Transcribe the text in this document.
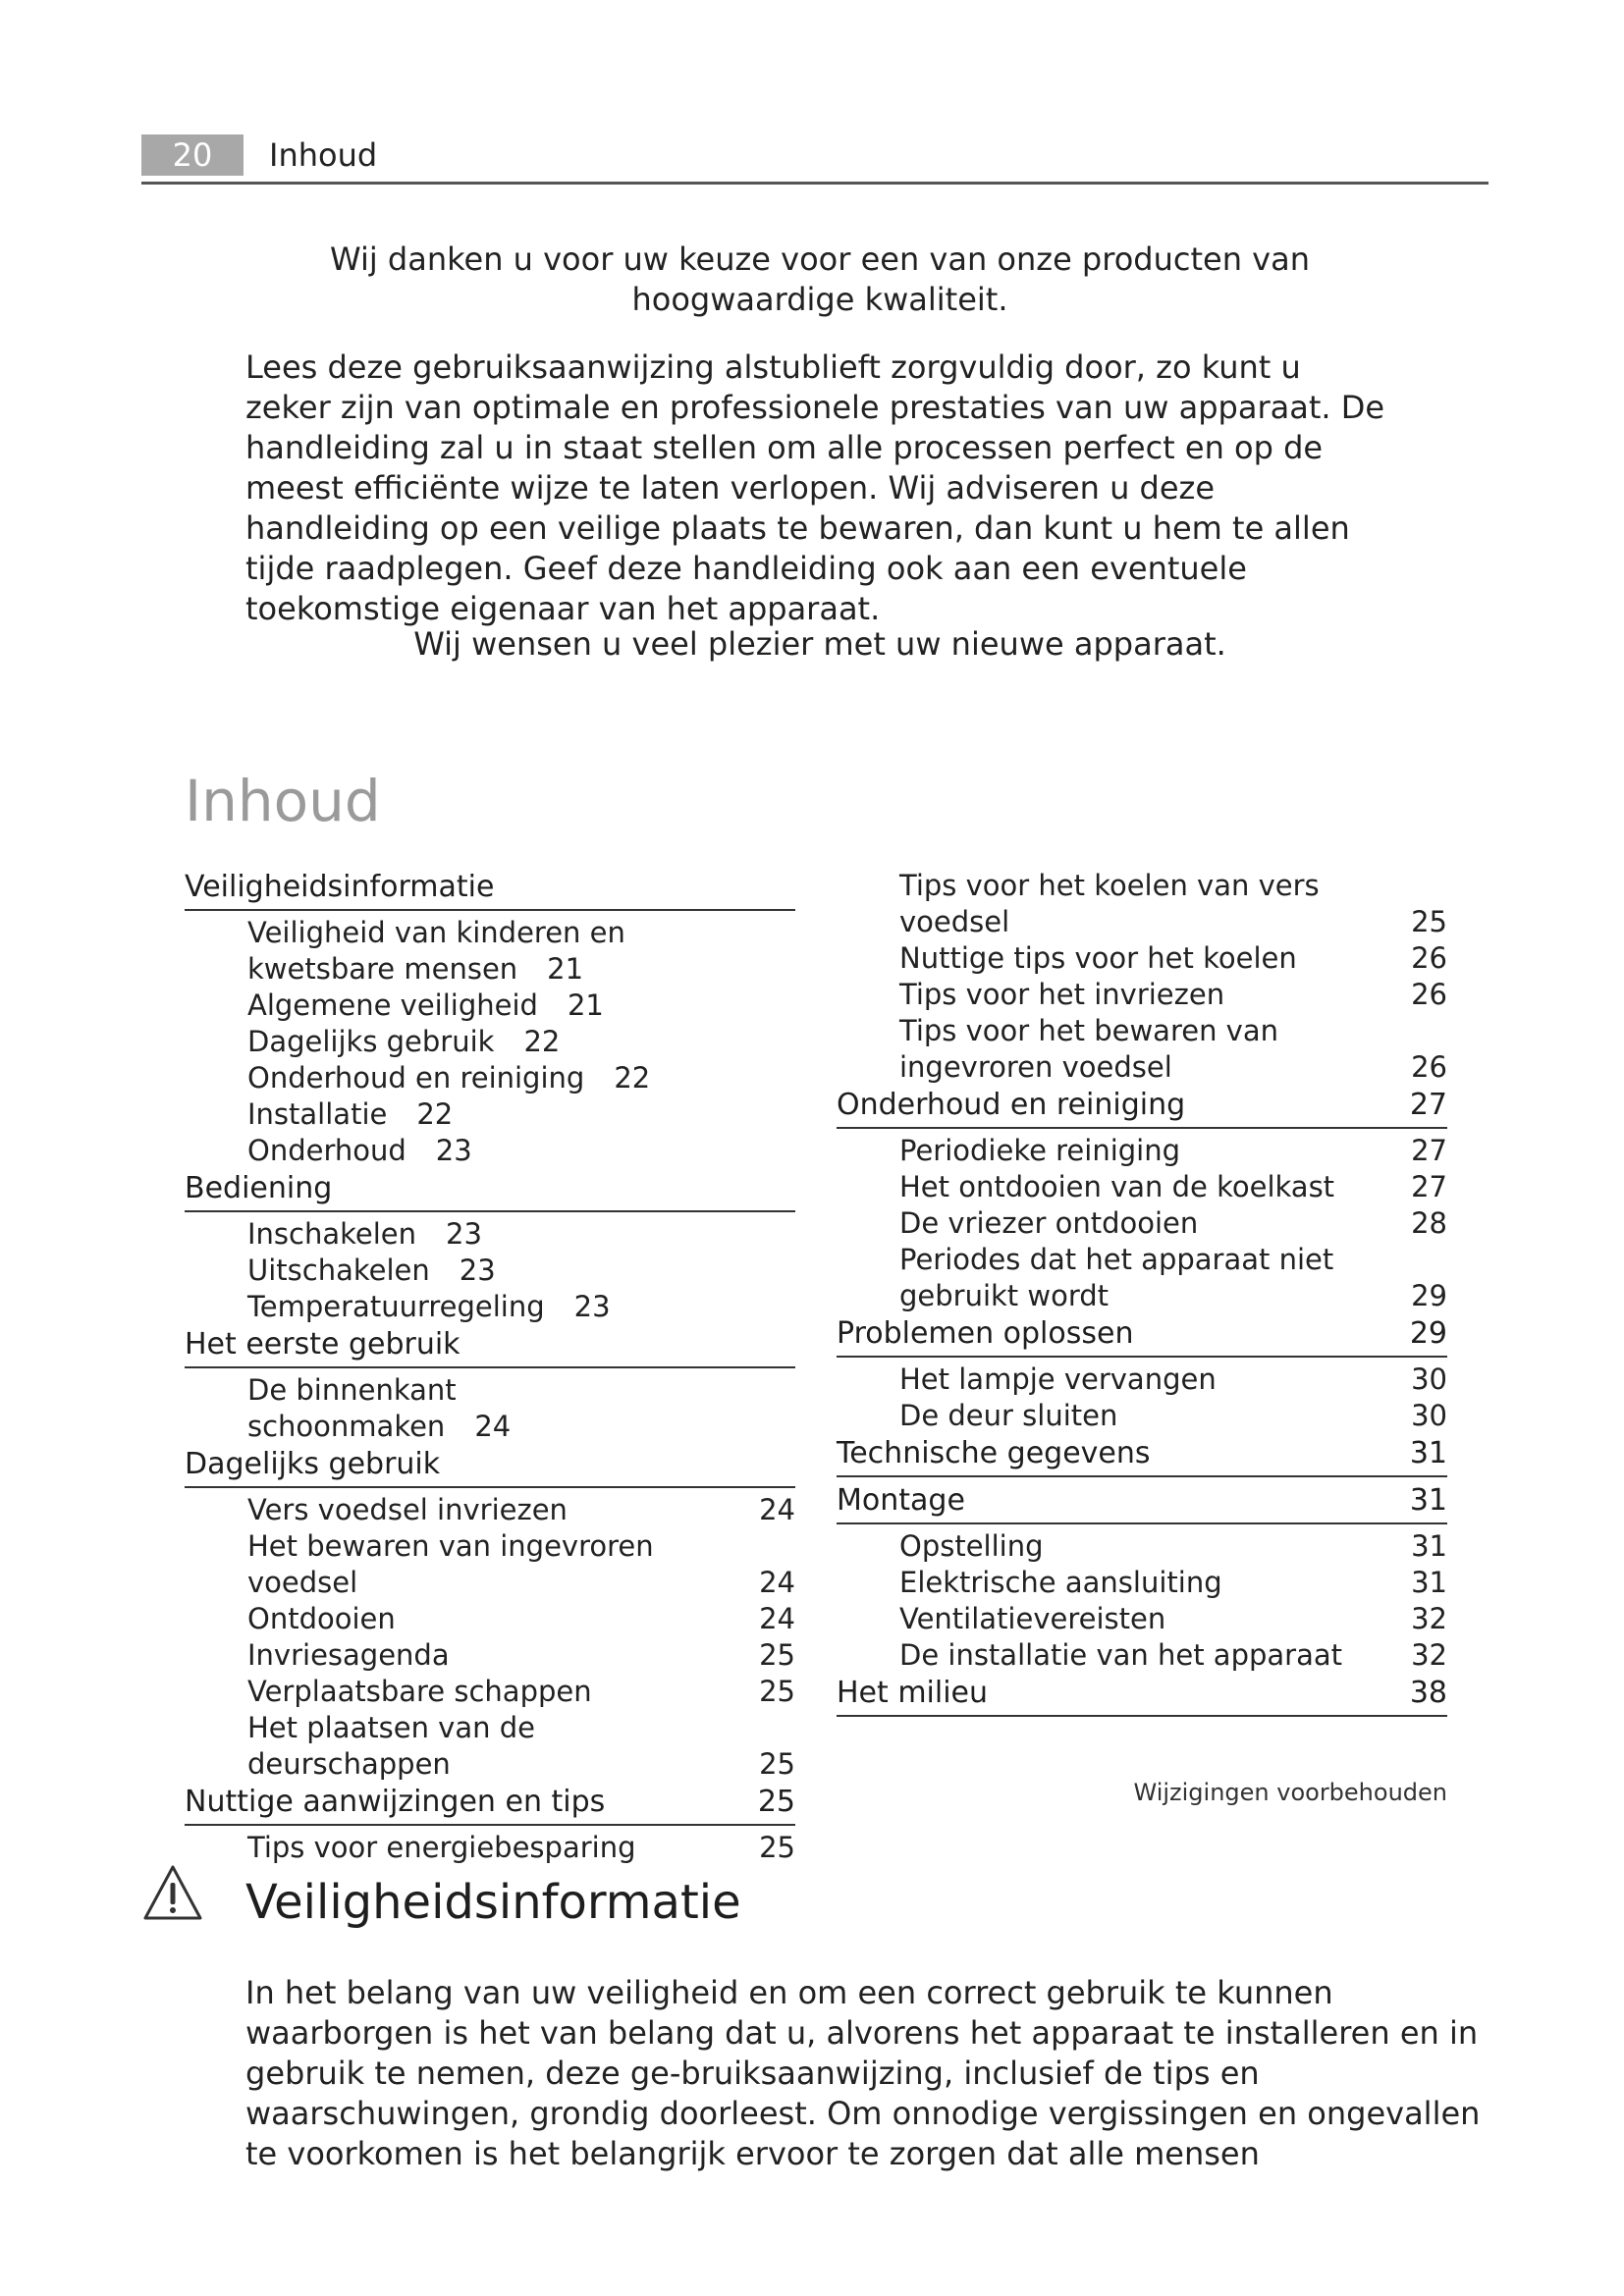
20	Inhoud
Wij danken u voor uw keuze voor een van onze producten van hoogwaardige kwaliteit.
Lees deze gebruiksaanwijzing alstublieft zorgvuldig door, zo kunt u zeker zijn van optimale en professionele prestaties van uw apparaat. De handleiding zal u in staat stellen om alle processen perfect en op de meest efficiënte wijze te laten verlopen. Wij adviseren u deze handleiding op een veilige plaats te bewaren, dan kunt u hem te allen tijde raadplegen. Geef deze handleiding ook aan een eventuele toekomstige eigenaar van het apparaat.
Wij wensen u veel plezier met uw nieuwe apparaat.
Inhoud
Veiligheidsinformatie
Veiligheid van kinderen en kwetsbare mensen 21
Algemene veiligheid 21
Dagelijks gebruik 22
Onderhoud en reiniging 22
Installatie 22
Onderhoud 23
Bediening
Inschakelen 23
Uitschakelen 23
Temperatuurregeling 23
Het eerste gebruik
De binnenkant schoonmaken 24
Dagelijks gebruik
Vers voedsel invriezen	24
Het bewaren van ingevroren voedsel	24
Ontdooien	24
Invriesagenda	25
Verplaatsbare schappen	25
Het plaatsen van de deurschappen	25
Nuttige aanwijzingen en tips	25
Tips voor energiebesparing	25
Tips voor het koelen van vers voedsel	25
Nuttige tips voor het koelen	26
Tips voor het invriezen	26
Tips voor het bewaren van ingevroren voedsel	26
Onderhoud en reiniging	27
Periodieke reiniging	27
Het ontdooien van de koelkast	27
De vriezer ontdooien	28
Periodes dat het apparaat niet gebruikt wordt	29
Problemen oplossen	29
Het lampje vervangen	30
De deur sluiten	30
Technische gegevens	31
Montage	31
Opstelling	31
Elektrische aansluiting	31
Ventilatievereisten	32
De installatie van het apparaat 32
Het milieu	38
Wijzigingen voorbehouden
Veiligheidsinformatie
In het belang van uw veiligheid en om een correct gebruik te kunnen waarborgen is het van belang dat u, alvorens het apparaat te installeren en in gebruik te nemen, deze ge-bruiksaanwijzing, inclusief de tips en waarschuwingen, grondig doorleest. Om onnodige vergissingen en ongevallen te voorkomen is het belangrijk ervoor te zorgen dat alle mensen
